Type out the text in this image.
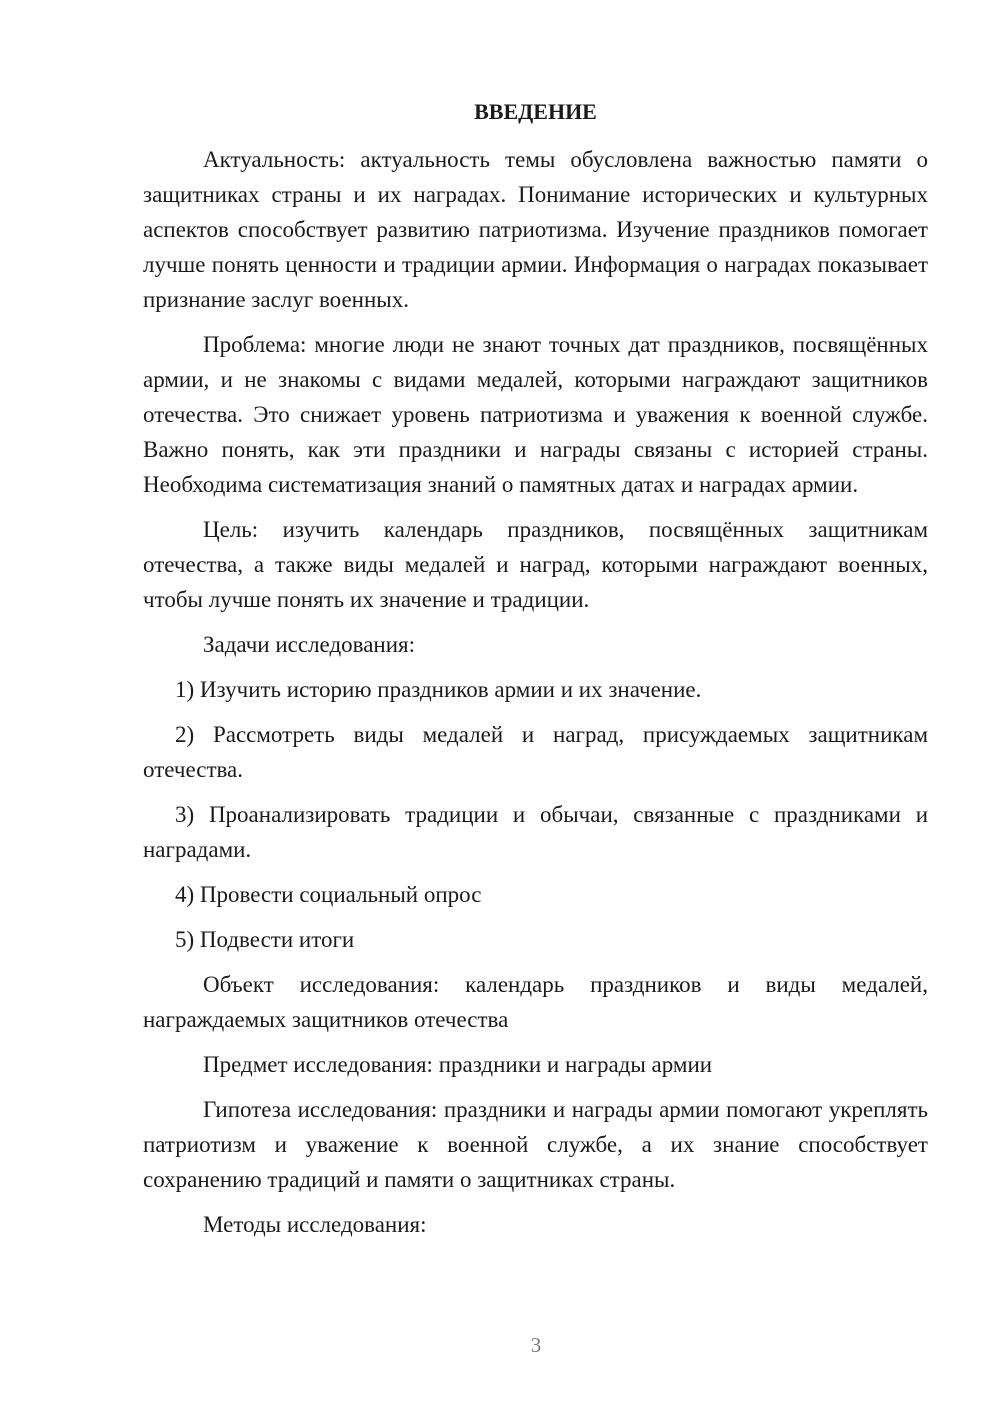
ВВЕДЕНИЕ

Актуальность: актуальность темы обусловлена важностью памяти о защитниках страны и их наградах. Понимание исторических и культурных аспектов способствует развитию патриотизма. Изучение праздников помогает лучше понять ценности и традиции армии. Информация о наградах показывает признание заслуг военных.

Проблема: многие люди не знают точных дат праздников, посвящённых армии, и не знакомы с видами медалей, которыми награждают защитников отечества. Это снижает уровень патриотизма и уважения к военной службе. Важно понять, как эти праздники и награды связаны с историей страны. Необходима систематизация знаний о памятных датах и наградах армии.

Цель: изучить календарь праздников, посвящённых защитникам отечества, а также виды медалей и наград, которыми награждают военных, чтобы лучше понять их значение и традиции.

Задачи исследования:

1) Изучить историю праздников армии и их значение.

2) Рассмотреть виды медалей и наград, присуждаемых защитникам отечества.

3) Проанализировать традиции и обычаи, связанные с праздниками и наградами.

4) Провести социальный опрос

5) Подвести итоги

Объект исследования: календарь праздников и виды медалей, награждаемых защитников отечества

Предмет исследования: праздники и награды армии

Гипотеза исследования: праздники и награды армии помогают укреплять патриотизм и уважение к военной службе, а их знание способствует сохранению традиций и памяти о защитниках страны.

Методы исследования:

3
